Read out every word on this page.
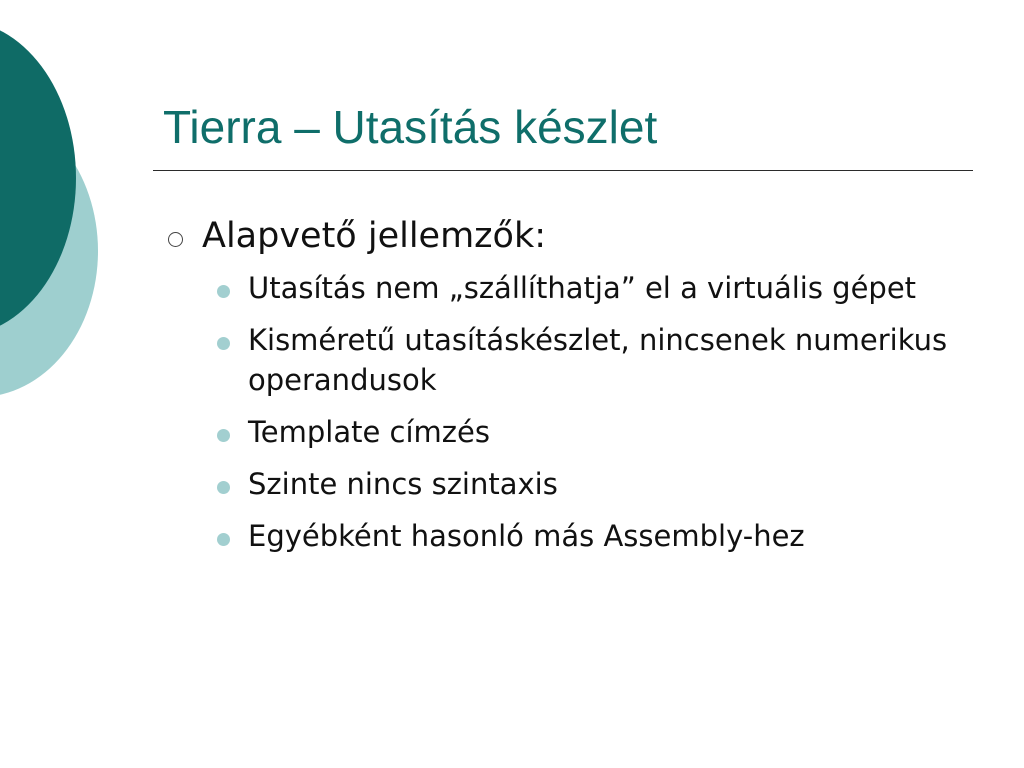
Tierra – Utasítás készlet

Alapvető jellemzők:

Utasítás nem „szállíthatja” el a virtuális gépet
Kisméretű utasításkészlet, nincsenek numerikus operandusok
Template címzés
Szinte nincs szintaxis
Egyébként hasonló más Assembly-hez
